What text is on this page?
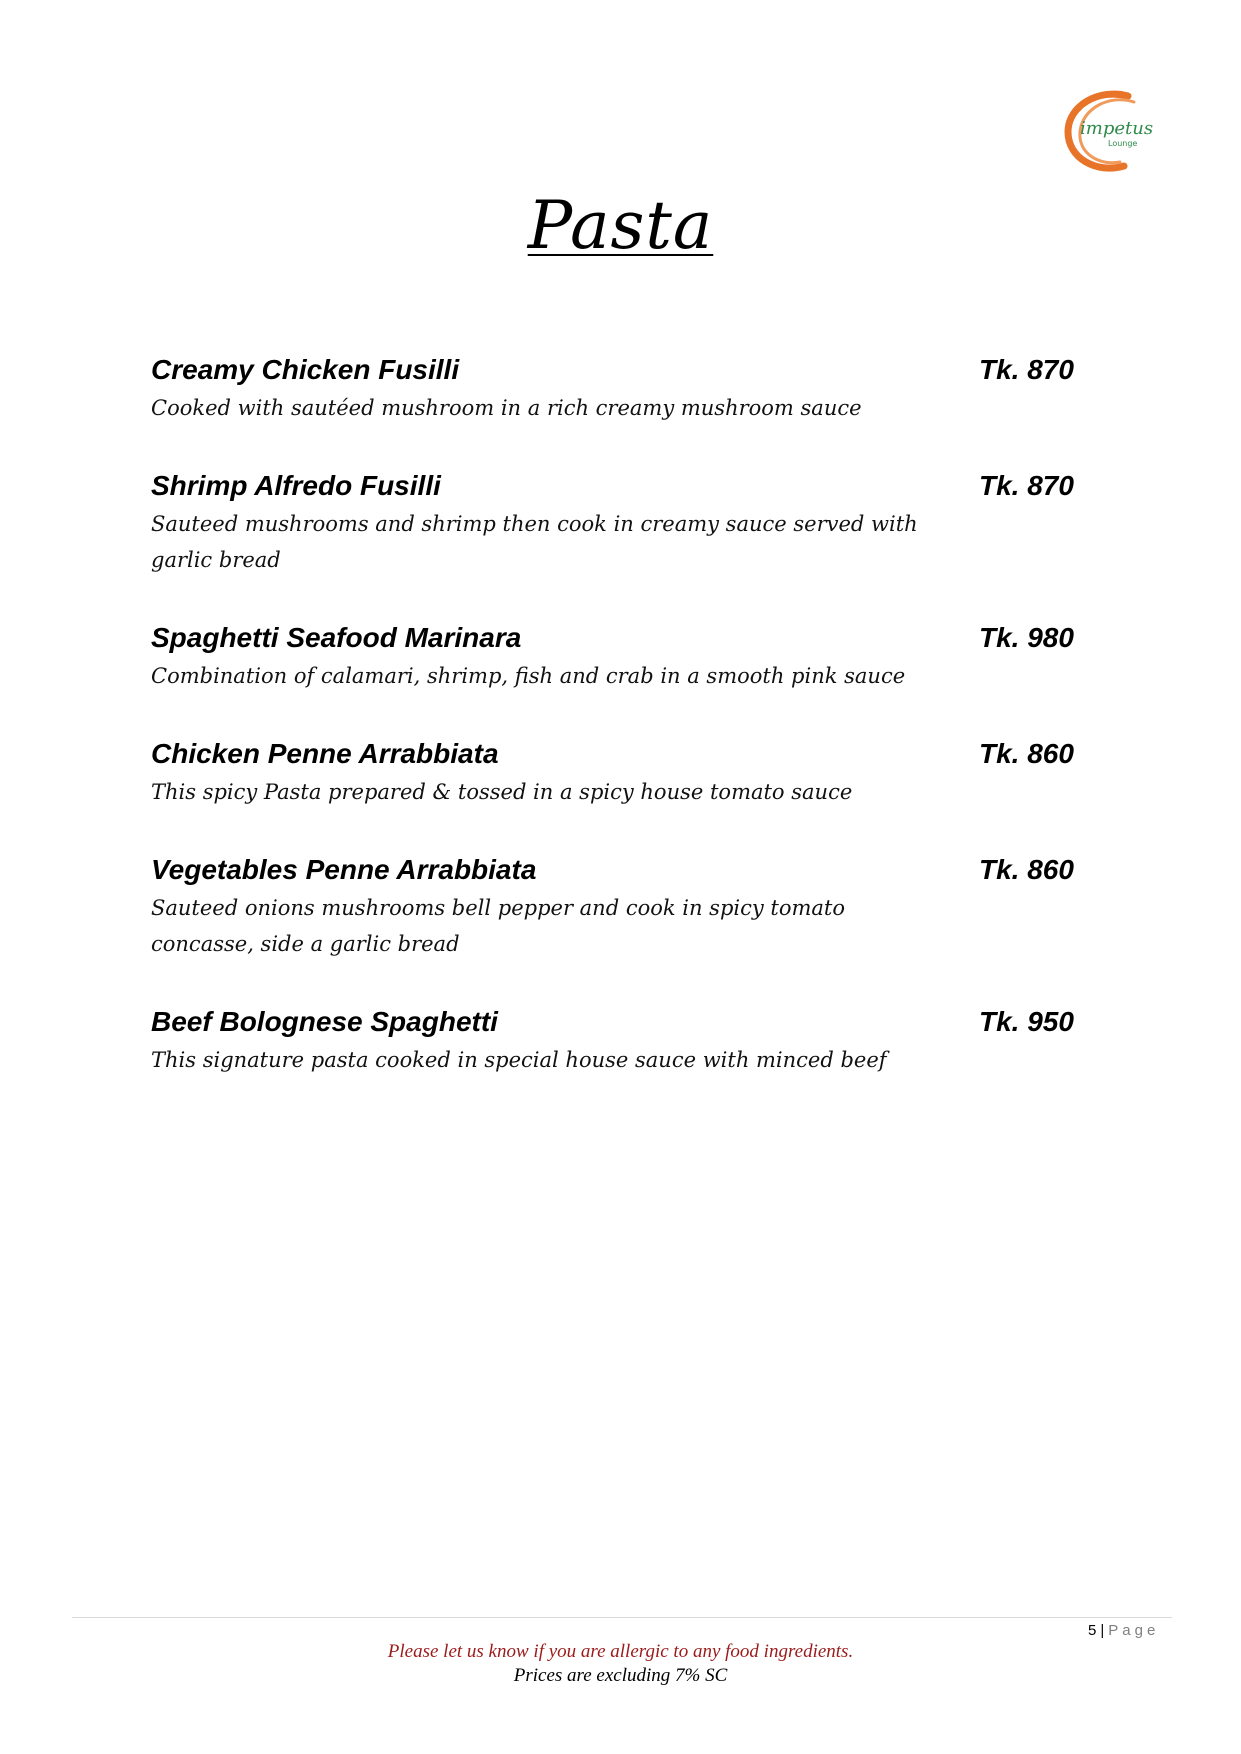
impetus
Lounge
Pasta
Creamy Chicken Fusilli	Tk. 870
Cooked with sautéed mushroom in a rich creamy mushroom sauce
Shrimp Alfredo Fusilli	Tk. 870
Sauteed mushrooms and shrimp then cook in creamy sauce served with garlic bread
Spaghetti Seafood Marinara	Tk. 980
Combination of calamari, shrimp, fish and crab in a smooth pink sauce
Chicken Penne Arrabbiata	Tk. 860
This spicy Pasta prepared & tossed in a spicy house tomato sauce
Vegetables Penne Arrabbiata	Tk. 860
Sauteed onions mushrooms bell pepper and cook in spicy tomato concasse, side a garlic bread
Beef Bolognese Spaghetti	Tk. 950
This signature pasta cooked in special house sauce with minced beef
5 | Page
Please let us know if you are allergic to any food ingredients.
Prices are excluding 7% SC
